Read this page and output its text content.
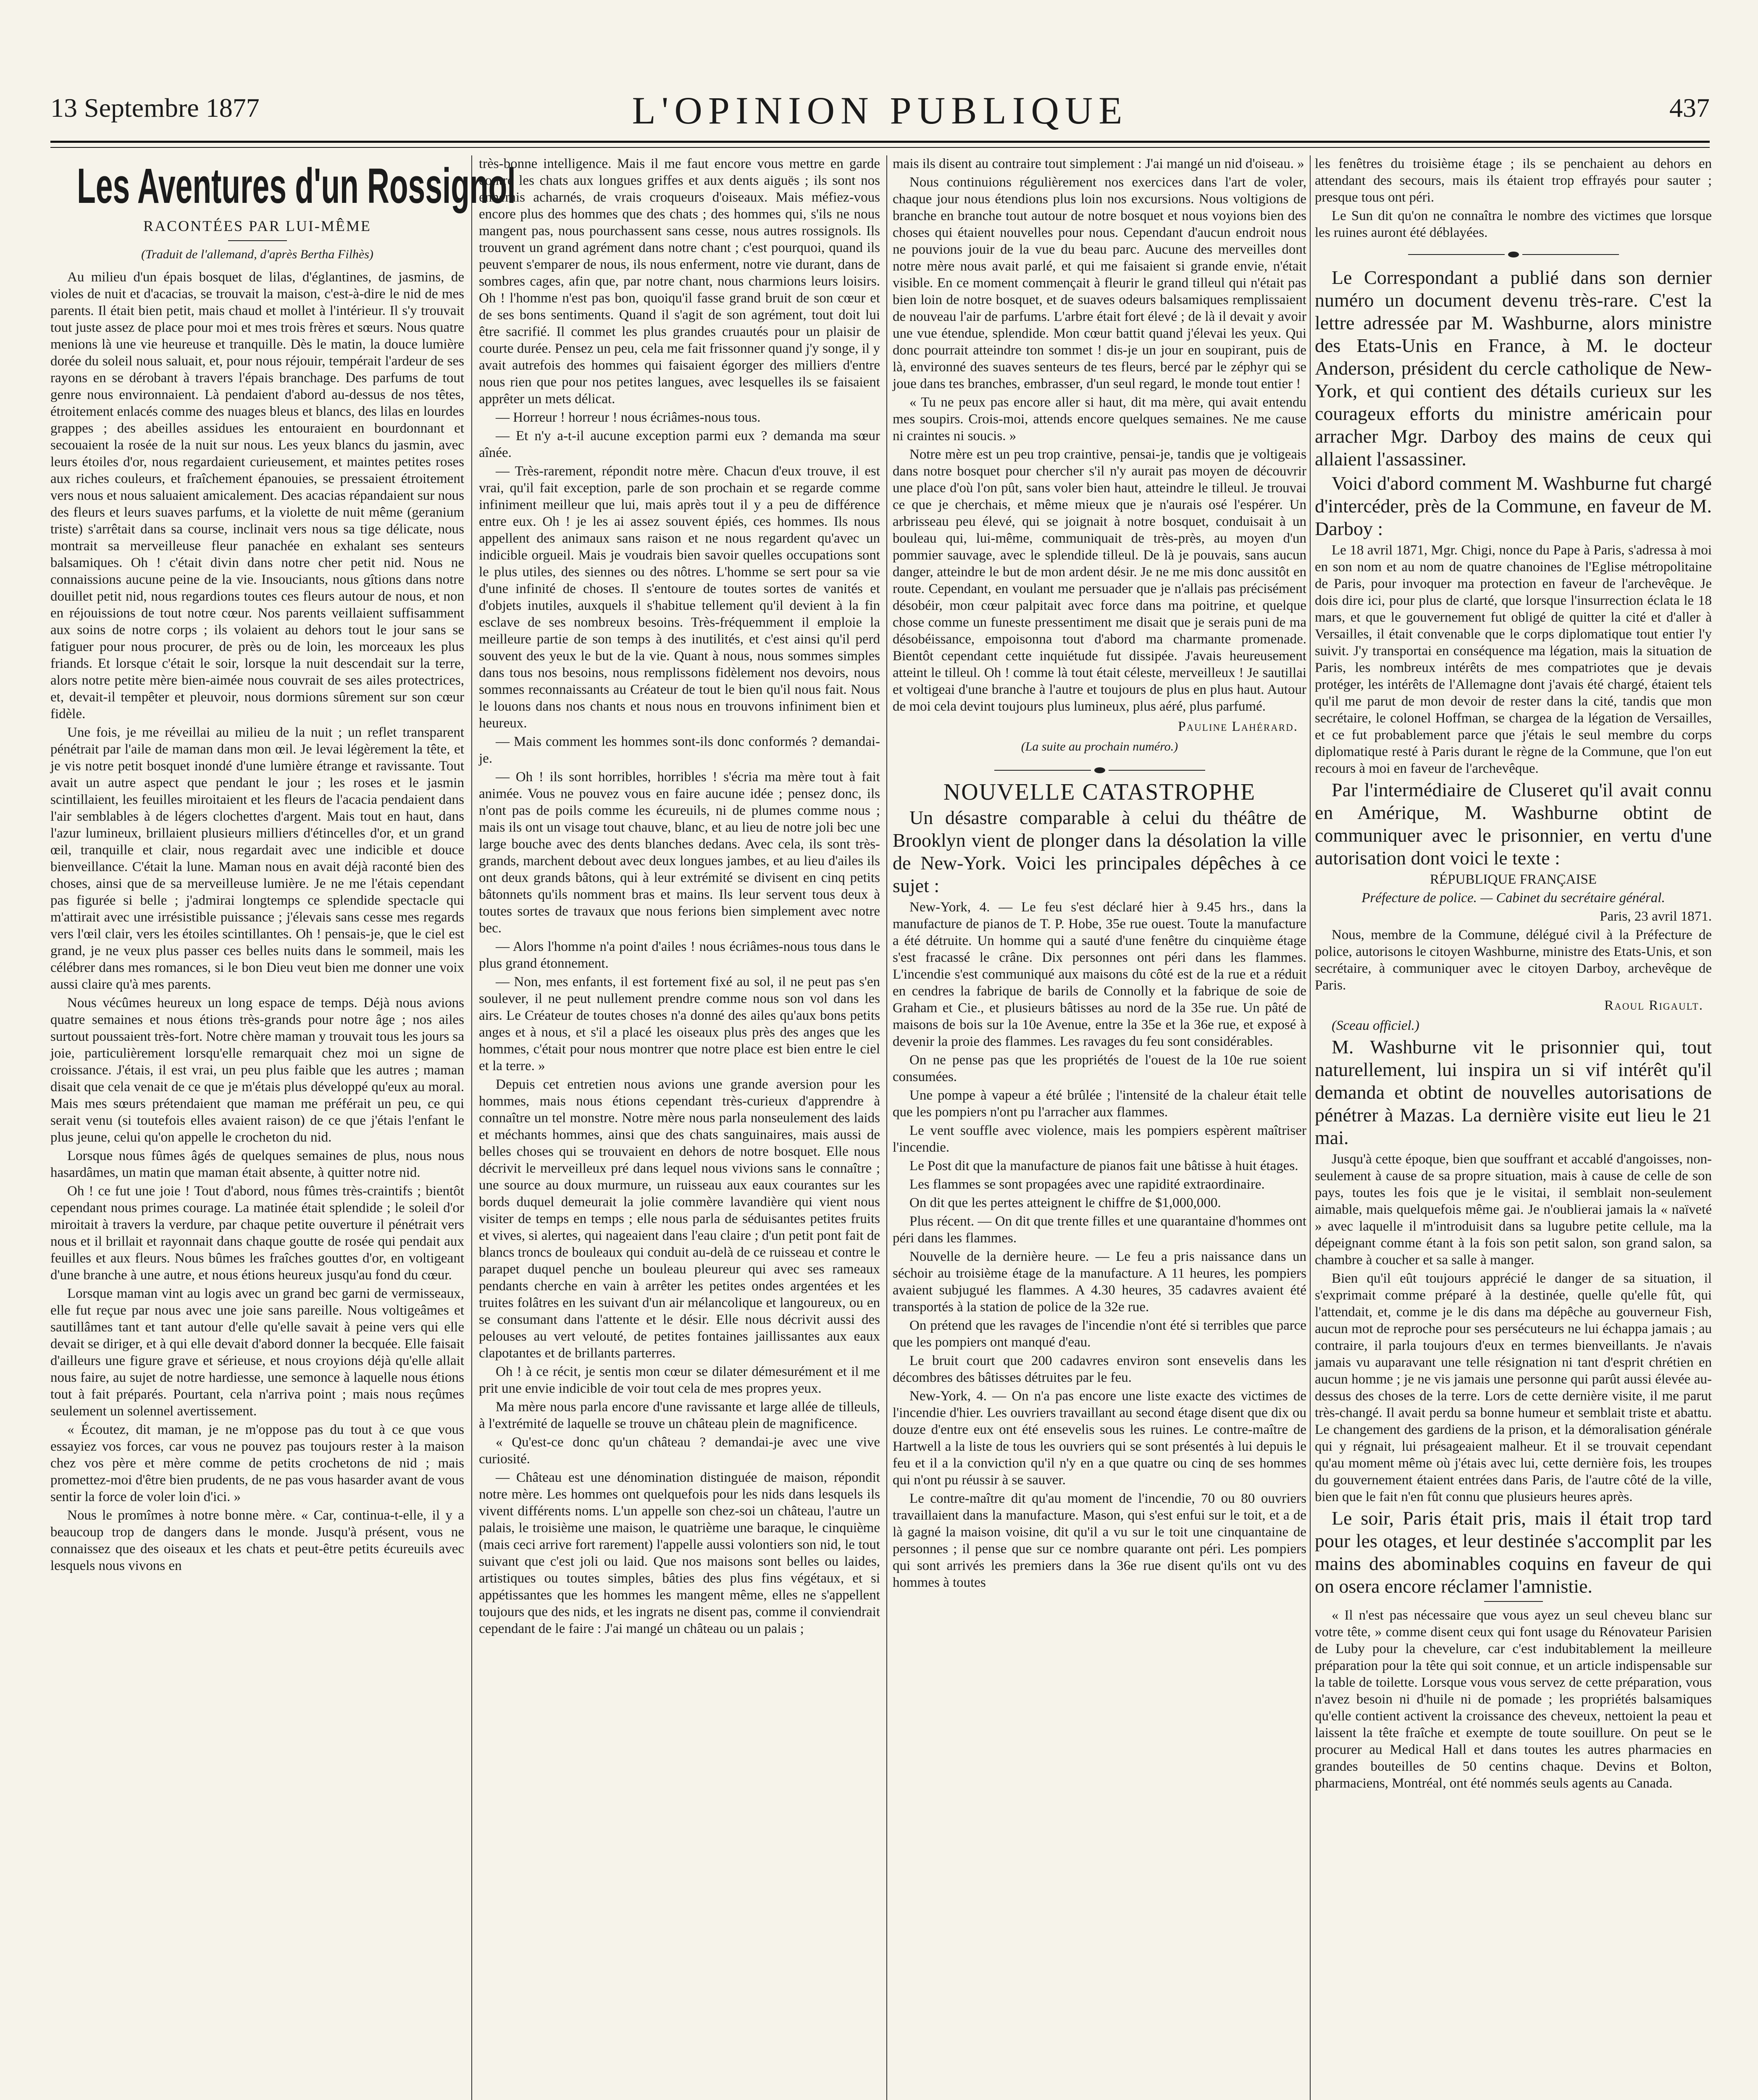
13 Septembre 1877	L'OPINION PUBLIQUE	437
Les Aventures d'un Rossignol
RACONTÉES PAR LUI-MÊME
(Traduit de l'allemand, d'après Bertha Filhès)

Au milieu d'un épais bosquet de lilas, d'églantines, de jasmins, de violes de nuit et d'acacias, se trouvait la maison, c'est-à-dire le nid de mes parents. Il était bien petit, mais chaud et mollet à l'intérieur. Il s'y trouvait tout juste assez de place pour moi et mes trois frères et sœurs. Nous quatre menions là une vie heureuse et tranquille. Dès le matin, la douce lumière dorée du soleil nous saluait, et, pour nous réjouir, tempérait l'ardeur de ses rayons en se dérobant à travers l'épais branchage. Des parfums de tout genre nous environnaient. Là pendaient d'abord au-dessus de nos têtes, étroitement enlacés comme des nuages bleus et blancs, des lilas en lourdes grappes ; des abeilles assidues les entouraient en bourdonnant et secouaient la rosée de la nuit sur nous. Les yeux blancs du jasmin, avec leurs étoiles d'or, nous regardaient curieusement, et maintes petites roses aux riches couleurs, et fraîchement épanouies, se pressaient étroitement vers nous et nous saluaient amicalement. Des acacias répandaient sur nous des fleurs et leurs suaves parfums, et la violette de nuit même (geranium triste) s'arrêtait dans sa course, inclinait vers nous sa tige délicate, nous montrait sa merveilleuse fleur panachée en exhalant ses senteurs balsamiques. Oh ! c'était divin dans notre cher petit nid. Nous ne connaissions aucune peine de la vie. Insouciants, nous gîtions dans notre douillet petit nid, nous regardions toutes ces fleurs autour de nous, et non en réjouissions de tout notre cœur. Nos parents veillaient suffisamment aux soins de notre corps ; ils volaient au dehors tout le jour sans se fatiguer pour nous procurer, de près ou de loin, les morceaux les plus friands. Et lorsque c'était le soir, lorsque la nuit descendait sur la terre, alors notre petite mère bien-aimée nous couvrait de ses ailes protectrices, et, devait-il tempêter et pleuvoir, nous dormions sûrement sur son cœur fidèle.

Une fois, je me réveillai au milieu de la nuit ; un reflet transparent pénétrait par l'aile de maman dans mon œil. Je levai légèrement la tête, et je vis notre petit bosquet inondé d'une lumière étrange et ravissante. Tout avait un autre aspect que pendant le jour ; les roses et le jasmin scintillaient, les feuilles miroitaient et les fleurs de l'acacia pendaient dans l'air semblables à de légers clochettes d'argent. Mais tout en haut, dans l'azur lumineux, brillaient plusieurs milliers d'étincelles d'or, et un grand œil, tranquille et clair, nous regardait avec une indicible et douce bienveillance. C'était la lune. Maman nous en avait déjà raconté bien des choses, ainsi que de sa merveilleuse lumière. Je ne me l'étais cependant pas figurée si belle ; j'admirai longtemps ce splendide spectacle qui m'attirait avec une irrésistible puissance ; j'élevais sans cesse mes regards vers l'œil clair, vers les étoiles scintillantes. Oh ! pensais-je, que le ciel est grand, je ne veux plus passer ces belles nuits dans le sommeil, mais les célébrer dans mes romances, si le bon Dieu veut bien me donner une voix aussi claire qu'à mes parents.

Nous vécûmes heureux un long espace de temps. Déjà nous avions quatre semaines et nous étions très-grands pour notre âge ; nos ailes surtout poussaient très-fort. Notre chère maman y trouvait tous les jours sa joie, particulièrement lorsqu'elle remarquait chez moi un signe de croissance. J'étais, il est vrai, un peu plus faible que les autres ; maman disait que cela venait de ce que je m'étais plus développé qu'eux au moral. Mais mes sœurs prétendaient que maman me préférait un peu, ce qui serait venu (si toutefois elles avaient raison) de ce que j'étais l'enfant le plus jeune, celui qu'on appelle le crocheton du nid.

Lorsque nous fûmes âgés de quelques semaines de plus, nous nous hasardâmes, un matin que maman était absente, à quitter notre nid.

Oh ! ce fut une joie ! Tout d'abord, nous fûmes très-craintifs ; bientôt cependant nous primes courage. La matinée était splendide ; le soleil d'or miroitait à travers la verdure, par chaque petite ouverture il pénétrait vers nous et il brillait et rayonnait dans chaque goutte de rosée qui pendait aux feuilles et aux fleurs. Nous bûmes les fraîches gouttes d'or, en voltigeant d'une branche à une autre, et nous étions heureux jusqu'au fond du cœur.

Lorsque maman vint au logis avec un grand bec garni de vermisseaux, elle fut reçue par nous avec une joie sans pareille. Nous voltigeâmes et sautillâmes tant et tant autour d'elle qu'elle savait à peine vers qui elle devait se diriger, et à qui elle devait d'abord donner la becquée. Elle faisait d'ailleurs une figure grave et sérieuse, et nous croyions déjà qu'elle allait nous faire, au sujet de notre hardiesse, une semonce à laquelle nous étions tout à fait préparés. Pourtant, cela n'arriva point ; mais nous reçûmes seulement un solennel avertissement.

« Écoutez, dit maman, je ne m'oppose pas du tout à ce que vous essayiez vos forces, car vous ne pouvez pas toujours rester à la maison chez vos père et mère comme de petits crochetons de nid ; mais promettez-moi d'être bien prudents, de ne pas vous hasarder avant de vous sentir la force de voler loin d'ici. »

Nous le promîmes à notre bonne mère. « Car, continua-t-elle, il y a beaucoup trop de dangers dans le monde. Jusqu'à présent, vous ne connaissez que des oiseaux et les chats et peut-être petits écureuils avec lesquels nous vivons en

très-bonne intelligence. Mais il me faut encore vous mettre en garde contre les chats aux longues griffes et aux dents aiguës ; ils sont nos ennemis acharnés, de vrais croqueurs d'oiseaux. Mais méfiez-vous encore plus des hommes que des chats ; des hommes qui, s'ils ne nous mangent pas, nous pourchassent sans cesse, nous autres rossignols. Ils trouvent un grand agrément dans notre chant ; c'est pourquoi, quand ils peuvent s'emparer de nous, ils nous enferment, notre vie durant, dans de sombres cages, afin que, par notre chant, nous charmions leurs loisirs. Oh ! l'homme n'est pas bon, quoiqu'il fasse grand bruit de son cœur et de ses bons sentiments. Quand il s'agit de son agrément, tout doit lui être sacrifié. Il commet les plus grandes cruautés pour un plaisir de courte durée. Pensez un peu, cela me fait frissonner quand j'y songe, il y avait autrefois des hommes qui faisaient égorger des milliers d'entre nous rien que pour nos petites langues, avec lesquelles ils se faisaient apprêter un mets délicat.

— Horreur ! horreur ! nous écriâmes-nous tous.

— Et n'y a-t-il aucune exception parmi eux ? demanda ma sœur aînée.

— Très-rarement, répondit notre mère. Chacun d'eux trouve, il est vrai, qu'il fait exception, parle de son prochain et se regarde comme infiniment meilleur que lui, mais après tout il y a peu de différence entre eux. Oh ! je les ai assez souvent épiés, ces hommes. Ils nous appellent des animaux sans raison et ne nous regardent qu'avec un indicible orgueil. Mais je voudrais bien savoir quelles occupations sont le plus utiles, des siennes ou des nôtres. L'homme se sert pour sa vie d'une infinité de choses. Il s'entoure de toutes sortes de vanités et d'objets inutiles, auxquels il s'habitue tellement qu'il devient à la fin esclave de ses nombreux besoins. Très-fréquemment il emploie la meilleure partie de son temps à des inutilités, et c'est ainsi qu'il perd souvent des yeux le but de la vie. Quant à nous, nous sommes simples dans tous nos besoins, nous remplissons fidèlement nos devoirs, nous sommes reconnaissants au Créateur de tout le bien qu'il nous fait. Nous le louons dans nos chants et nous nous en trouvons infiniment bien et heureux.

— Mais comment les hommes sont-ils donc conformés ? demandai-je.

— Oh ! ils sont horribles, horribles ! s'écria ma mère tout à fait animée. Vous ne pouvez vous en faire aucune idée ; pensez donc, ils n'ont pas de poils comme les écureuils, ni de plumes comme nous ; mais ils ont un visage tout chauve, blanc, et au lieu de notre joli bec une large bouche avec des dents blanches dedans. Avec cela, ils sont très-grands, marchent debout avec deux longues jambes, et au lieu d'ailes ils ont deux grands bâtons, qui à leur extrémité se divisent en cinq petits bâtonnets qu'ils nomment bras et mains. Ils leur servent tous deux à toutes sortes de travaux que nous ferions bien simplement avec notre bec.

— Alors l'homme n'a point d'ailes ! nous écriâmes-nous tous dans le plus grand étonnement.

— Non, mes enfants, il est fortement fixé au sol, il ne peut pas s'en soulever, il ne peut nullement prendre comme nous son vol dans les airs. Le Créateur de toutes choses n'a donné des ailes qu'aux bons petits anges et à nous, et s'il a placé les oiseaux plus près des anges que les hommes, c'était pour nous montrer que notre place est bien entre le ciel et la terre. »

Depuis cet entretien nous avions une grande aversion pour les hommes, mais nous étions cependant très-curieux d'apprendre à connaître un tel monstre. Notre mère nous parla nonseulement des laids et méchants hommes, ainsi que des chats sanguinaires, mais aussi de belles choses qui se trouvaient en dehors de notre bosquet. Elle nous décrivit le merveilleux pré dans lequel nous vivions sans le connaître ; une source au doux murmure, un ruisseau aux eaux courantes sur les bords duquel demeurait la jolie commère lavandière qui vient nous visiter de temps en temps ; elle nous parla de séduisantes petites fruits et vives, si alertes, qui nageaient dans l'eau claire ; d'un petit pont fait de blancs troncs de bouleaux qui conduit au-delà de ce ruisseau et contre le parapet duquel penche un bouleau pleureur qui avec ses rameaux pendants cherche en vain à arrêter les petites ondes argentées et les truites folâtres en les suivant d'un air mélancolique et langoureux, ou en se consumant dans l'attente et le désir. Elle nous décrivit aussi des pelouses au vert velouté, de petites fontaines jaillissantes aux eaux clapotantes et de brillants parterres.

Oh ! à ce récit, je sentis mon cœur se dilater démesurément et il me prit une envie indicible de voir tout cela de mes propres yeux.

Ma mère nous parla encore d'une ravissante et large allée de tilleuls, à l'extrémité de laquelle se trouve un château plein de magnificence.

« Qu'est-ce donc qu'un château ? demandai-je avec une vive curiosité.

— Château est une dénomination distinguée de maison, répondit notre mère. Les hommes ont quelquefois pour les nids dans lesquels ils vivent différents noms. L'un appelle son chez-soi un château, l'autre un palais, le troisième une maison, le quatrième une baraque, le cinquième (mais ceci arrive fort rarement) l'appelle aussi volontiers son nid, le tout suivant que c'est joli ou laid. Que nos maisons sont belles ou laides, artistiques ou toutes simples, bâties des plus fins végétaux, et si appétissantes que les hommes les mangent même, elles ne s'appellent toujours que des nids, et les ingrats ne disent pas, comme il conviendrait cependant de le faire : J'ai mangé un château ou un palais ;

mais ils disent au contraire tout simplement : J'ai mangé un nid d'oiseau. »

Nous continuions régulièrement nos exercices dans l'art de voler, chaque jour nous étendions plus loin nos excursions. Nous voltigions de branche en branche tout autour de notre bosquet et nous voyions bien des choses qui étaient nouvelles pour nous. Cependant d'aucun endroit nous ne pouvions jouir de la vue du beau parc. Aucune des merveilles dont notre mère nous avait parlé, et qui me faisaient si grande envie, n'était visible. En ce moment commençait à fleurir le grand tilleul qui n'était pas bien loin de notre bosquet, et de suaves odeurs balsamiques remplissaient de nouveau l'air de parfums. L'arbre était fort élevé ; de là il devait y avoir une vue étendue, splendide. Mon cœur battit quand j'élevai les yeux. Qui donc pourrait atteindre ton sommet ! dis-je un jour en soupirant, puis de là, environné des suaves senteurs de tes fleurs, bercé par le zéphyr qui se joue dans tes branches, embrasser, d'un seul regard, le monde tout entier !

« Tu ne peux pas encore aller si haut, dit ma mère, qui avait entendu mes soupirs. Crois-moi, attends encore quelques semaines. Ne me cause ni craintes ni soucis. »

Notre mère est un peu trop craintive, pensai-je, tandis que je voltigeais dans notre bosquet pour chercher s'il n'y aurait pas moyen de découvrir une place d'où l'on pût, sans voler bien haut, atteindre le tilleul. Je trouvai ce que je cherchais, et même mieux que je n'aurais osé l'espérer. Un arbrisseau peu élevé, qui se joignait à notre bosquet, conduisait à un bouleau qui, lui-même, communiquait de très-près, au moyen d'un pommier sauvage, avec le splendide tilleul. De là je pouvais, sans aucun danger, atteindre le but de mon ardent désir. Je ne me mis donc aussitôt en route. Cependant, en voulant me persuader que je n'allais pas précisément désobéir, mon cœur palpitait avec force dans ma poitrine, et quelque chose comme un funeste pressentiment me disait que je serais puni de ma désobéissance, empoisonna tout d'abord ma charmante promenade. Bientôt cependant cette inquiétude fut dissipée. J'avais heureusement atteint le tilleul. Oh ! comme là tout était céleste, merveilleux ! Je sautillai et voltigeai d'une branche à l'autre et toujours de plus en plus haut. Autour de moi cela devint toujours plus lumineux, plus aéré, plus parfumé.

Pauline Lahérard.
(La suite au prochain numéro.)
NOUVELLE CATASTROPHE

Un désastre comparable à celui du théâtre de Brooklyn vient de plonger dans la désolation la ville de New-York. Voici les principales dépêches à ce sujet :

New-York, 4. — Le feu s'est déclaré hier à 9.45 hrs., dans la manufacture de pianos de T. P. Hobe, 35e rue ouest. Toute la manufacture a été détruite. Un homme qui a sauté d'une fenêtre du cinquième étage s'est fracassé le crâne. Dix personnes ont péri dans les flammes. L'incendie s'est communiqué aux maisons du côté est de la rue et a réduit en cendres la fabrique de barils de Connolly et la fabrique de soie de Graham et Cie., et plusieurs bâtisses au nord de la 35e rue. Un pâté de maisons de bois sur la 10e Avenue, entre la 35e et la 36e rue, et exposé à devenir la proie des flammes. Les ravages du feu sont considérables.

On ne pense pas que les propriétés de l'ouest de la 10e rue soient consumées.

Une pompe à vapeur a été brûlée ; l'intensité de la chaleur était telle que les pompiers n'ont pu l'arracher aux flammes.

Le vent souffle avec violence, mais les pompiers espèrent maîtriser l'incendie.

Le Post dit que la manufacture de pianos fait une bâtisse à huit étages.

Les flammes se sont propagées avec une rapidité extraordinaire.

On dit que les pertes atteignent le chiffre de $1,000,000.

Plus récent. — On dit que trente filles et une quarantaine d'hommes ont péri dans les flammes.

Nouvelle de la dernière heure. — Le feu a pris naissance dans un séchoir au troisième étage de la manufacture. A 11 heures, les pompiers avaient subjugué les flammes. A 4.30 heures, 35 cadavres avaient été transportés à la station de police de la 32e rue.

On prétend que les ravages de l'incendie n'ont été si terribles que parce que les pompiers ont manqué d'eau.

Le bruit court que 200 cadavres environ sont ensevelis dans les décombres des bâtisses détruites par le feu.

New-York, 4. — On n'a pas encore une liste exacte des victimes de l'incendie d'hier. Les ouvriers travaillant au second étage disent que dix ou douze d'entre eux ont été ensevelis sous les ruines. Le contre-maître de Hartwell a la liste de tous les ouvriers qui se sont présentés à lui depuis le feu et il a la conviction qu'il n'y en a que quatre ou cinq de ses hommes qui n'ont pu réussir à se sauver.

Le contre-maître dit qu'au moment de l'incendie, 70 ou 80 ouvriers travaillaient dans la manufacture. Mason, qui s'est enfui sur le toit, et a de là gagné la maison voisine, dit qu'il a vu sur le toit une cinquantaine de personnes ; il pense que sur ce nombre quarante ont péri. Les pompiers qui sont arrivés les premiers dans la 36e rue disent qu'ils ont vu des hommes à toutes

les fenêtres du troisième étage ; ils se penchaient au dehors en attendant des secours, mais ils étaient trop effrayés pour sauter ; presque tous ont péri.

Le Sun dit qu'on ne connaîtra le nombre des victimes que lorsque les ruines auront été déblayées.

Le Correspondant a publié dans son dernier numéro un document devenu très-rare. C'est la lettre adressée par M. Washburne, alors ministre des Etats-Unis en France, à M. le docteur Anderson, président du cercle catholique de New-York, et qui contient des détails curieux sur les courageux efforts du ministre américain pour arracher Mgr. Darboy des mains de ceux qui allaient l'assassiner.

Voici d'abord comment M. Washburne fut chargé d'intercéder, près de la Commune, en faveur de M. Darboy :

Le 18 avril 1871, Mgr. Chigi, nonce du Pape à Paris, s'adressa à moi en son nom et au nom de quatre chanoines de l'Eglise métropolitaine de Paris, pour invoquer ma protection en faveur de l'archevêque. Je dois dire ici, pour plus de clarté, que lorsque l'insurrection éclata le 18 mars, et que le gouvernement fut obligé de quitter la cité et d'aller à Versailles, il était convenable que le corps diplomatique tout entier l'y suivit. J'y transportai en conséquence ma légation, mais la situation de Paris, les nombreux intérêts de mes compatriotes que je devais protéger, les intérêts de l'Allemagne dont j'avais été chargé, étaient tels qu'il me parut de mon devoir de rester dans la cité, tandis que mon secrétaire, le colonel Hoffman, se chargea de la légation de Versailles, et ce fut probablement parce que j'étais le seul membre du corps diplomatique resté à Paris durant le règne de la Commune, que l'on eut recours à moi en faveur de l'archevêque.

Par l'intermédiaire de Cluseret qu'il avait connu en Amérique, M. Washburne obtint de communiquer avec le prisonnier, en vertu d'une autorisation dont voici le texte :

RÉPUBLIQUE FRANÇAISE

Préfecture de police. — Cabinet du secrétaire général.

Paris, 23 avril 1871.

Nous, membre de la Commune, délégué civil à la Préfecture de police, autorisons le citoyen Washburne, ministre des Etats-Unis, et son secrétaire, à communiquer avec le citoyen Darboy, archevêque de Paris.

Raoul Rigault.

(Sceau officiel.)

M. Washburne vit le prisonnier qui, tout naturellement, lui inspira un si vif intérêt qu'il demanda et obtint de nouvelles autorisations de pénétrer à Mazas. La dernière visite eut lieu le 21 mai.

Jusqu'à cette époque, bien que souffrant et accablé d'angoisses, non-seulement à cause de sa propre situation, mais à cause de celle de son pays, toutes les fois que je le visitai, il semblait non-seulement aimable, mais quelquefois même gai. Je n'oublierai jamais la « naïveté » avec laquelle il m'introduisit dans sa lugubre petite cellule, ma la dépeignant comme étant à la fois son petit salon, son grand salon, sa chambre à coucher et sa salle à manger.

Bien qu'il eût toujours apprécié le danger de sa situation, il s'exprimait comme préparé à la destinée, quelle qu'elle fût, qui l'attendait, et, comme je le dis dans ma dépêche au gouverneur Fish, aucun mot de reproche pour ses persécuteurs ne lui échappa jamais ; au contraire, il parla toujours d'eux en termes bienveillants. Je n'avais jamais vu auparavant une telle résignation ni tant d'esprit chrétien en aucun homme ; je ne vis jamais une personne qui parût aussi élevée au-dessus des choses de la terre. Lors de cette dernière visite, il me parut très-changé. Il avait perdu sa bonne humeur et semblait triste et abattu. Le changement des gardiens de la prison, et la démoralisation générale qui y régnait, lui présageaient malheur. Et il se trouvait cependant qu'au moment même où j'étais avec lui, cette dernière fois, les troupes du gouvernement étaient entrées dans Paris, de l'autre côté de la ville, bien que le fait n'en fût connu que plusieurs heures après.

Le soir, Paris était pris, mais il était trop tard pour les otages, et leur destinée s'accomplit par les mains des abominables coquins en faveur de qui on osera encore réclamer l'amnistie.

« Il n'est pas nécessaire que vous ayez un seul cheveu blanc sur votre tête, » comme disent ceux qui font usage du Rénovateur Parisien de Luby pour la chevelure, car c'est indubitablement la meilleure préparation pour la tête qui soit connue, et un article indispensable sur la table de toilette. Lorsque vous vous servez de cette préparation, vous n'avez besoin ni d'huile ni de pomade ; les propriétés balsamiques qu'elle contient activent la croissance des cheveux, nettoient la peau et laissent la tête fraîche et exempte de toute souillure. On peut se le procurer au Medical Hall et dans toutes les autres pharmacies en grandes bouteilles de 50 centins chaque. Devins et Bolton, pharmaciens, Montréal, ont été nommés seuls agents au Canada.
